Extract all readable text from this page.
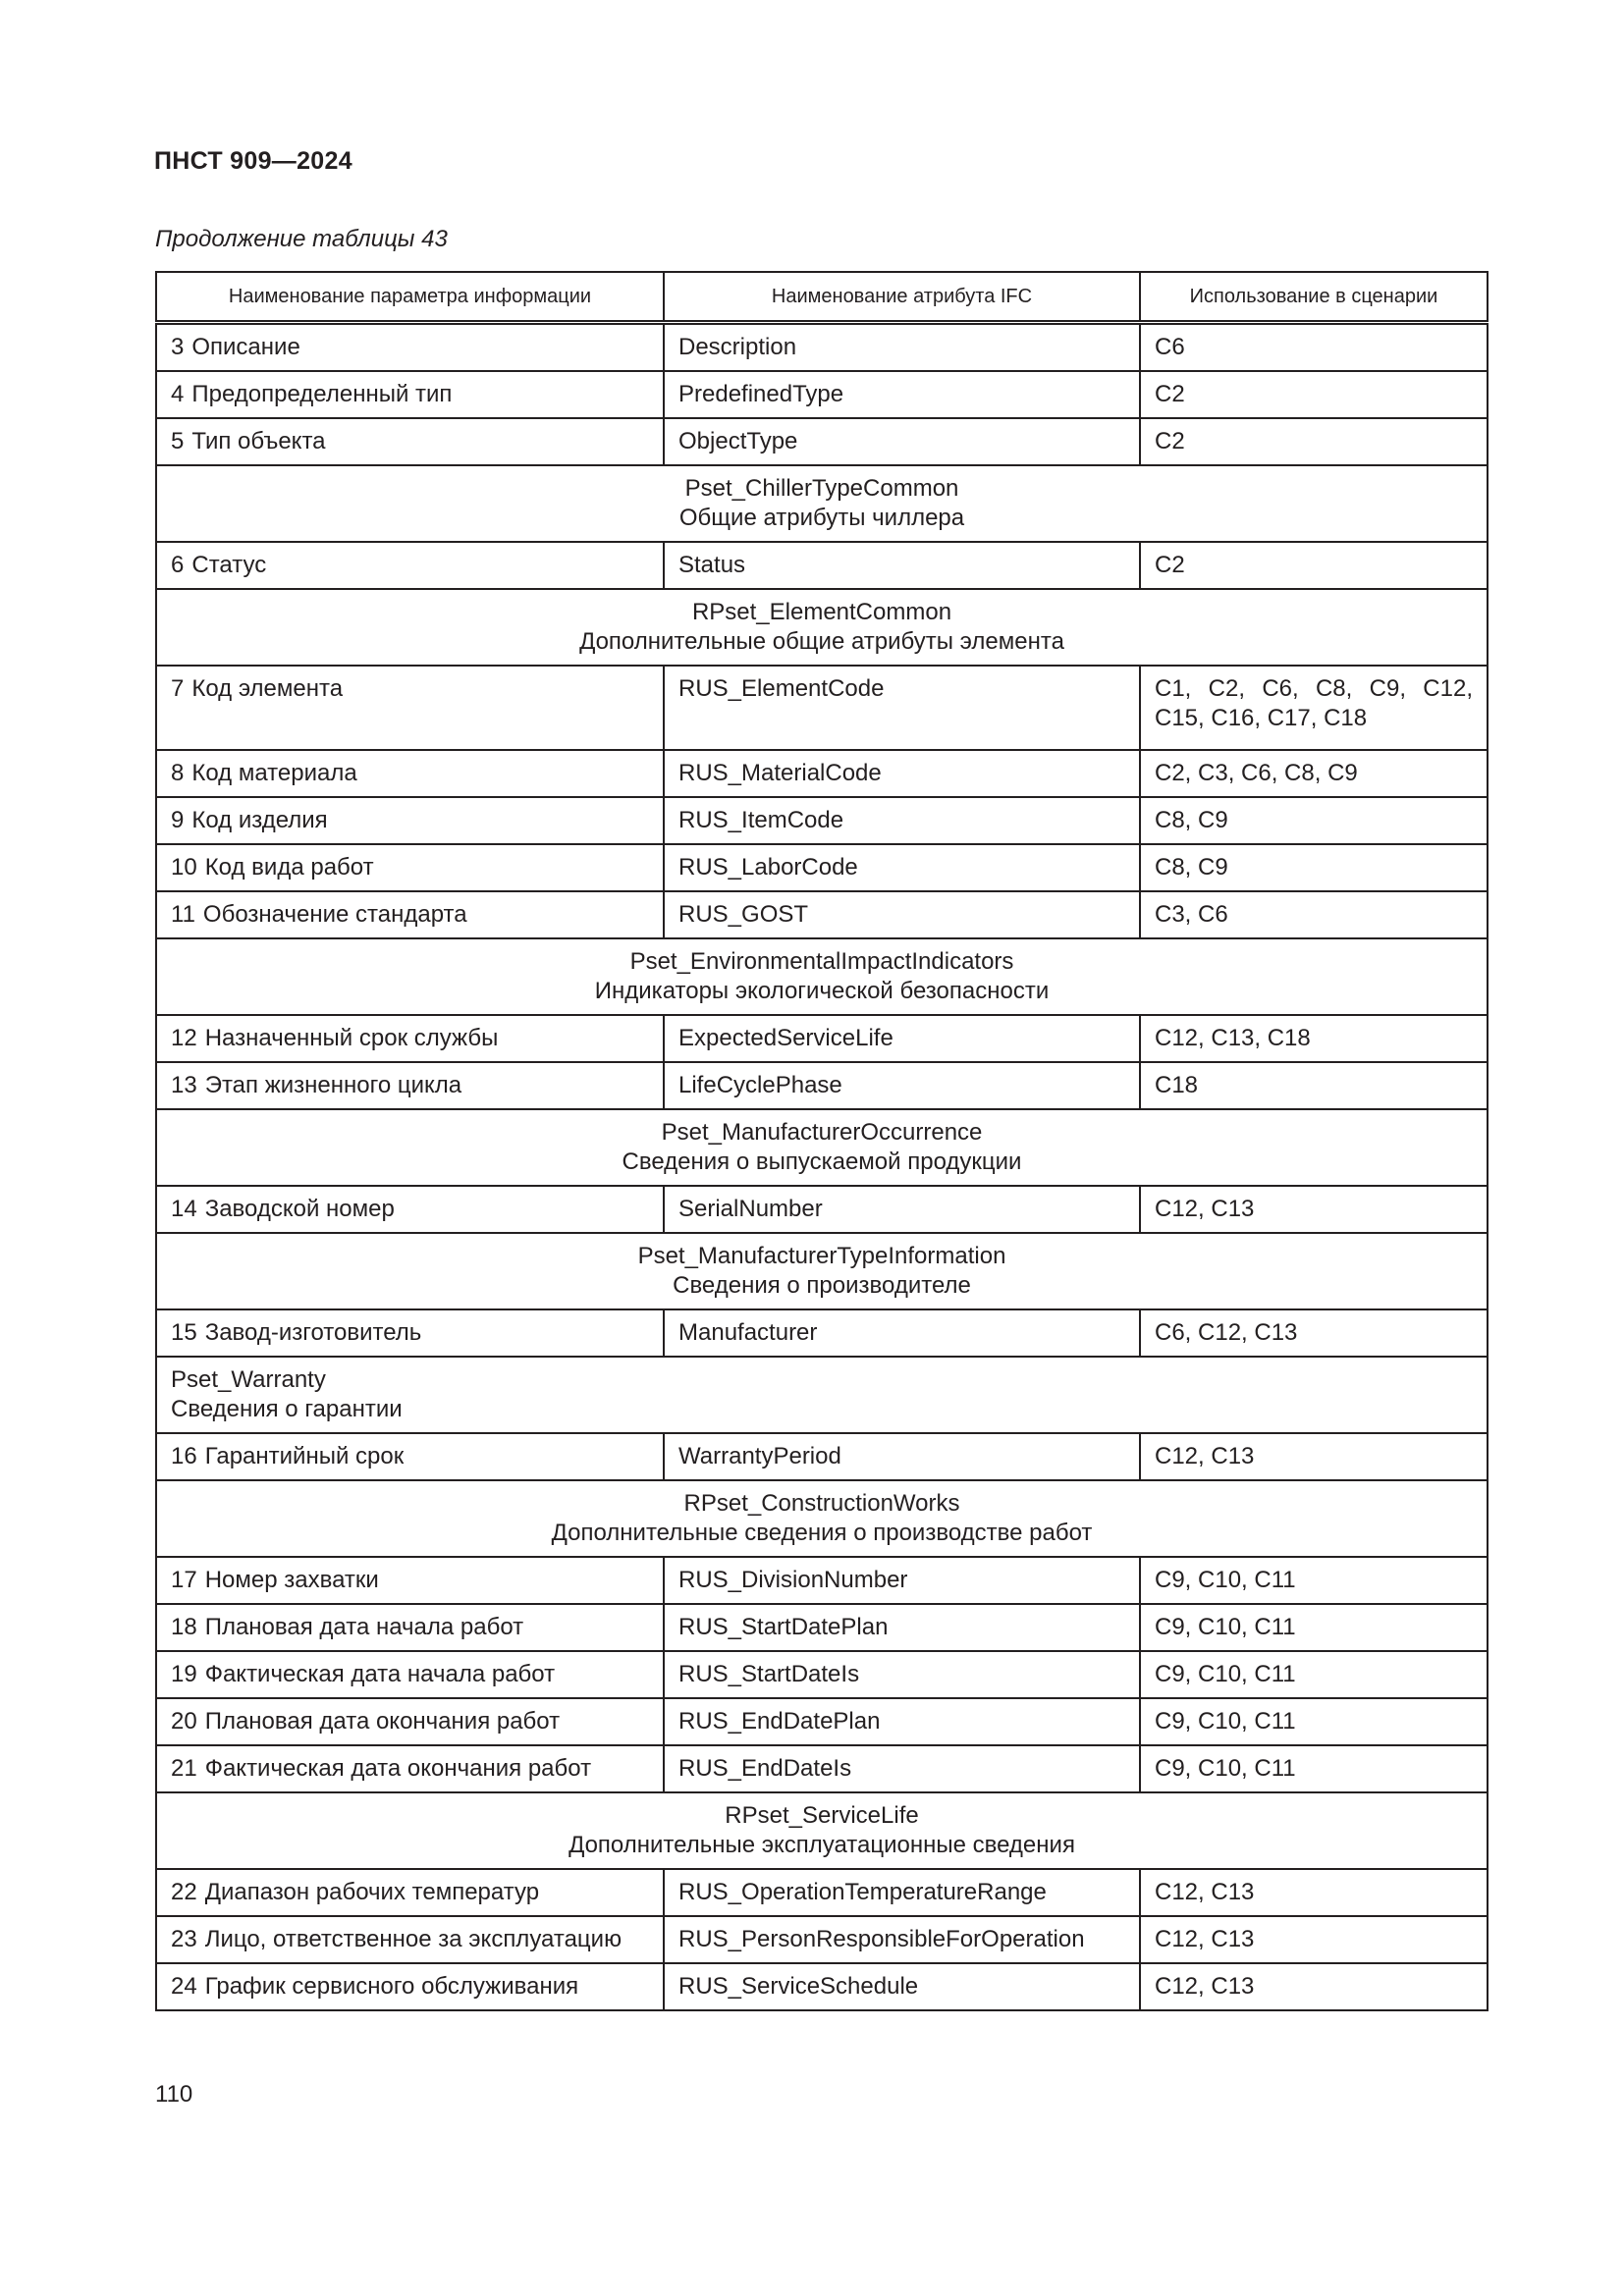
ПНСТ 909—2024
Продолжение таблицы 43
Наименование параметра информации	Наименование атрибута IFC	Использование в сценарии
3 Описание	Description	C6
4 Предопределенный тип	PredefinedType	C2
5 Тип объекта	ObjectType	C2

Pset_ChillerTypeCommon
Общие атрибуты чиллера		

6 Статус	Status	C2

RPset_ElementCommon
Дополнительные общие атрибуты элемента		

7 Код элемента	RUS_ElementCode	C1, C2, C6, C8, C9, C12, C15, C16, C17, C18
8 Код материала	RUS_MaterialCode	C2, C3, C6, C8, C9
9 Код изделия	RUS_ItemCode	C8, C9
10 Код вида работ	RUS_LaborCode	C8, C9
11 Обозначение стандарта	RUS_GOST	C3, C6

Pset_EnvironmentalImpactIndicators
Индикаторы экологической безопасности		

12 Назначенный срок службы	ExpectedServiceLife	C12, C13, C18
13 Этап жизненного цикла	LifeCyclePhase	C18

Pset_ManufacturerOccurrence
Сведения о выпускаемой продукции		

14 Заводской номер	SerialNumber	C12, C13

Pset_ManufacturerTypeInformation
Сведения о производителе		

15 Завод-изготовитель	Manufacturer	C6, C12, C13

Pset_Warranty
Сведения о гарантии		

16 Гарантийный срок	WarrantyPeriod	C12, C13

RPset_ConstructionWorks
Дополнительные сведения о производстве работ		

17 Номер захватки	RUS_DivisionNumber	C9, C10, C11
18 Плановая дата начала работ	RUS_StartDatePlan	C9, C10, C11
19 Фактическая дата начала работ	RUS_StartDateIs	C9, C10, C11
20 Плановая дата окончания работ	RUS_EndDatePlan	C9, C10, C11
21 Фактическая дата окончания работ	RUS_EndDateIs	C9, C10, C11

RPset_ServiceLife
Дополнительные эксплуатационные сведения		

22 Диапазон рабочих температур	RUS_OperationTemperatureRange	C12, C13
23 Лицо, ответственное за эксплуатацию	RUS_PersonResponsibleForOperation	C12, C13
24 График сервисного обслуживания	RUS_ServiceSchedule	C12, C13
110
